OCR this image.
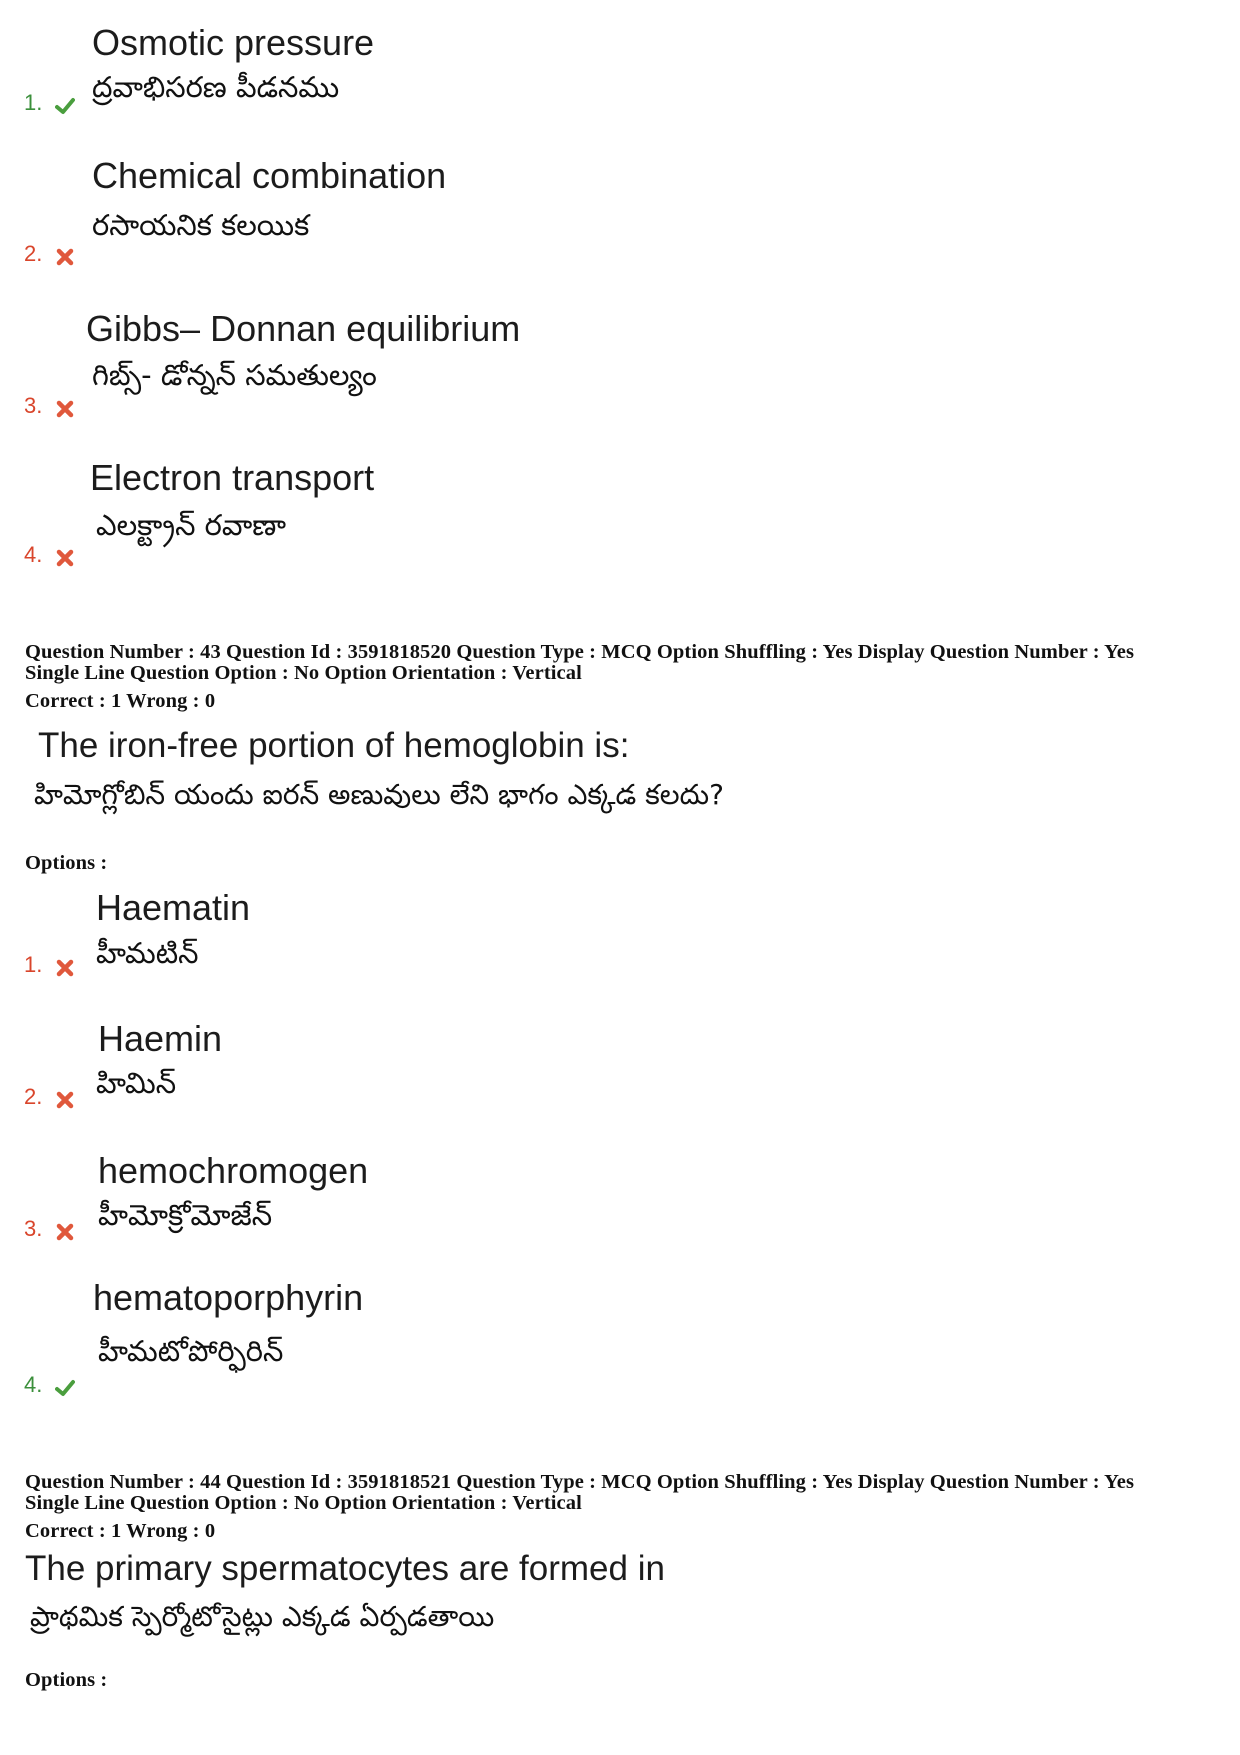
Osmotic pressure
ద్రవాభిసరణ పీడనము
1.
Chemical combination
రసాయనిక కలయిక
2.
Gibbs– Donnan equilibrium
గిబ్స్- డోన్నన్ సమతుల్యం
3.
Electron transport
ఎలక్ట్రాన్ రవాణా
4.
Question Number : 43 Question Id : 3591818520 Question Type : MCQ Option Shuffling : Yes Display Question Number : Yes
Single Line Question Option : No Option Orientation : Vertical
Correct : 1 Wrong : 0
The iron-free portion of hemoglobin is:
హిమోగ్లోబిన్ యందు ఐరన్ అణువులు లేని భాగం ఎక్కడ కలదు?
Options :
Haematin
హీమటిన్
1.
Haemin
హిమిన్
2.
hemochromogen
హీమోక్రోమోజేన్
3.
hematoporphyrin
హీమటోపోర్ఫిరిన్
4.
Question Number : 44 Question Id : 3591818521 Question Type : MCQ Option Shuffling : Yes Display Question Number : Yes
Single Line Question Option : No Option Orientation : Vertical
Correct : 1 Wrong : 0
The primary spermatocytes are formed in
ప్రాథమిక స్పెర్మోటోసైట్లు ఎక్కడ ఏర్పడతాయి
Options :
